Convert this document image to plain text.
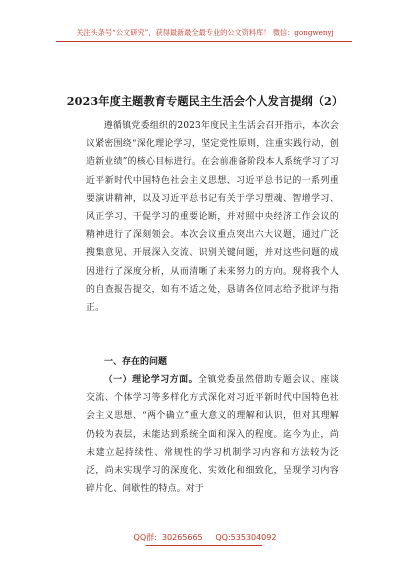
关注头条号“公文研究”，获得最新最全最专业的公文资料库！ 微信：gongwenyj
2023年度主题教育专题民主生活会个人发言提纲（2）
遵循镇党委组织的2023年度民主生活会召开指示，本次会议紧密围绕“深化理论学习，坚定党性原则，注重实践行动，创造新业绩”的核心目标进行。在会前准备阶段本人系统学习了习近平新时代中国特色社会主义思想、习近平总书记的一系列重要演讲精神，以及习近平总书记有关于学习塑魂、智增学习、风正学习、干促学习的重要论断，并对照中央经济工作会议的精神进行了深刻领会。本次会议重点突出六大议题，通过广泛搜集意见、开展深入交流、识别关键问题，并对这些问题的成因进行了深度分析，从而清晰了未来努力的方向。现将我个人的自查报告提交，如有不适之处，恳请各位同志给予批评与指正。
一、存在的问题
（一）理论学习方面。全镇党委虽然借助专题会议、座谈交流、个体学习等多样化方式深化对习近平新时代中国特色社会主义思想、“两个确立”重大意义的理解和认识，但对其理解仍较为表层，未能达到系统全面和深入的程度。迄今为止，尚未建立起持续性、常规性的学习机制学习内容和方法较为泛泛，尚未实现学习的深度化、实效化和细致化，呈现学习内容碎片化、间歇性的特点。对于
QQ群:  30265665     QQ:535304092
